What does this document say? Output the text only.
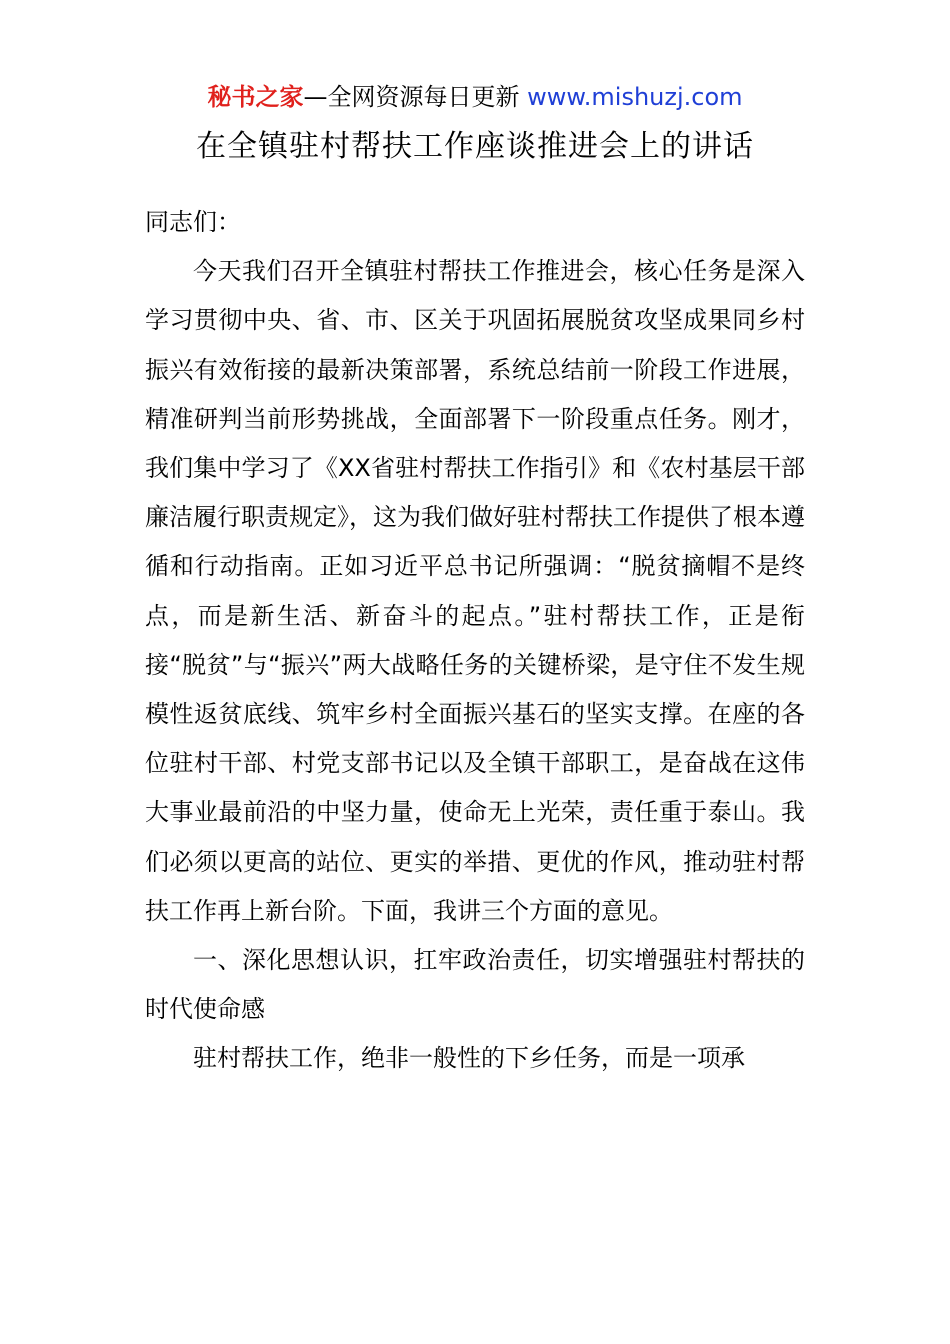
秘书之家—全网资源每日更新 www.mishuzj.com
在全镇驻村帮扶工作座谈推进会上的讲话

同志们：

今天我们召开全镇驻村帮扶工作推进会，核心任务是深入学习贯彻中央、省、市、区关于巩固拓展脱贫攻坚成果同乡村振兴有效衔接的最新决策部署，系统总结前一阶段工作进展，精准研判当前形势挑战，全面部署下一阶段重点任务。刚才，我们集中学习了《XX省驻村帮扶工作指引》和《农村基层干部廉洁履行职责规定》，这为我们做好驻村帮扶工作提供了根本遵循和行动指南。正如习近平总书记所强调：“脱贫摘帽不是终点，而是新生活、新奋斗的起点。”驻村帮扶工作，正是衔接“脱贫”与“振兴”两大战略任务的关键桥梁，是守住不发生规模性返贫底线、筑牢乡村全面振兴基石的坚实支撑。在座的各位驻村干部、村党支部书记以及全镇干部职工，是奋战在这伟大事业最前沿的中坚力量，使命无上光荣，责任重于泰山。我们必须以更高的站位、更实的举措、更优的作风，推动驻村帮扶工作再上新台阶。下面，我讲三个方面的意见。

一、深化思想认识，扛牢政治责任，切实增强驻村帮扶的时代使命感

驻村帮扶工作，绝非一般性的下乡任务，而是一项承
